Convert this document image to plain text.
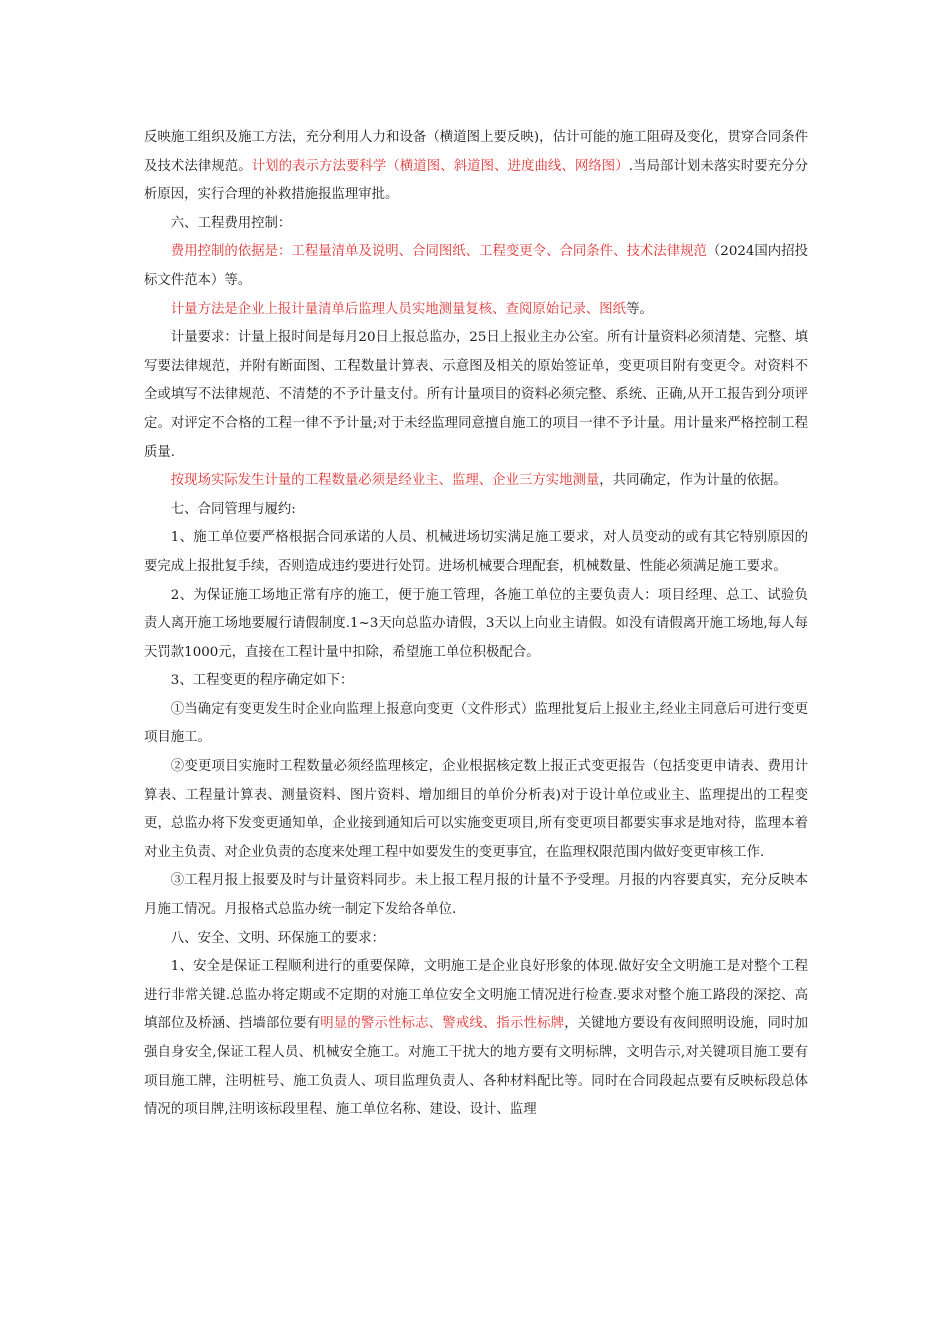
反映施工组织及施工方法，充分利用人力和设备（横道图上要反映)，估计可能的施工阻碍及变化，贯穿合同条件及技术法律规范。计划的表示方法要科学（横道图、斜道图、进度曲线、网络图）.当局部计划未落实时要充分分析原因，实行合理的补救措施报监理审批。

六、工程费用控制：

费用控制的依据是：工程量清单及说明、合同图纸、工程变更令、合同条件、技术法律规范（2024国内招投标文件范本）等。

计量方法是企业上报计量清单后监理人员实地测量复核、查阅原始记录、图纸等。

计量要求：计量上报时间是每月20日上报总监办，25日上报业主办公室。所有计量资料必须清楚、完整、填写要法律规范，并附有断面图、工程数量计算表、示意图及相关的原始签证单，变更项目附有变更令。对资料不全或填写不法律规范、不清楚的不予计量支付。所有计量项目的资料必须完整、系统、正确,从开工报告到分项评定。对评定不合格的工程一律不予计量;对于未经监理同意擅自施工的项目一律不予计量。用计量来严格控制工程质量.

按现场实际发生计量的工程数量必须是经业主、监理、企业三方实地测量，共同确定，作为计量的依据。

七、合同管理与履约:

1、施工单位要严格根据合同承诺的人员、机械进场切实满足施工要求，对人员变动的或有其它特别原因的要完成上报批复手续，否则造成违约要进行处罚。进场机械要合理配套，机械数量、性能必须满足施工要求。

2、为保证施工场地正常有序的施工，便于施工管理，各施工单位的主要负责人：项目经理、总工、试验负责人离开施工场地要履行请假制度.1~3天向总监办请假，3天以上向业主请假。如没有请假离开施工场地,每人每天罚款1000元，直接在工程计量中扣除，希望施工单位积极配合。

3、工程变更的程序确定如下：

①当确定有变更发生时企业向监理上报意向变更（文件形式）监理批复后上报业主,经业主同意后可进行变更项目施工。

②变更项目实施时工程数量必须经监理核定，企业根据核定数上报正式变更报告（包括变更申请表、费用计算表、工程量计算表、测量资料、图片资料、增加细目的单价分析表)对于设计单位或业主、监理提出的工程变更，总监办将下发变更通知单，企业接到通知后可以实施变更项目,所有变更项目都要实事求是地对待，监理本着对业主负责、对企业负责的态度来处理工程中如要发生的变更事宜，在监理权限范围内做好变更审核工作.

③工程月报上报要及时与计量资料同步。未上报工程月报的计量不予受理。月报的内容要真实，充分反映本月施工情况。月报格式总监办统一制定下发给各单位.

八、安全、文明、环保施工的要求：

1、安全是保证工程顺利进行的重要保障，文明施工是企业良好形象的体现.做好安全文明施工是对整个工程进行非常关键.总监办将定期或不定期的对施工单位安全文明施工情况进行检查.要求对整个施工路段的深挖、高填部位及桥涵、挡墙部位要有明显的警示性标志、警戒线、指示性标牌，关键地方要设有夜间照明设施，同时加强自身安全,保证工程人员、机械安全施工。对施工干扰大的地方要有文明标牌，文明告示,对关键项目施工要有项目施工牌，注明桩号、施工负责人、项目监理负责人、各种材料配比等。同时在合同段起点要有反映标段总体情况的项目牌,注明该标段里程、施工单位名称、建设、设计、监理
